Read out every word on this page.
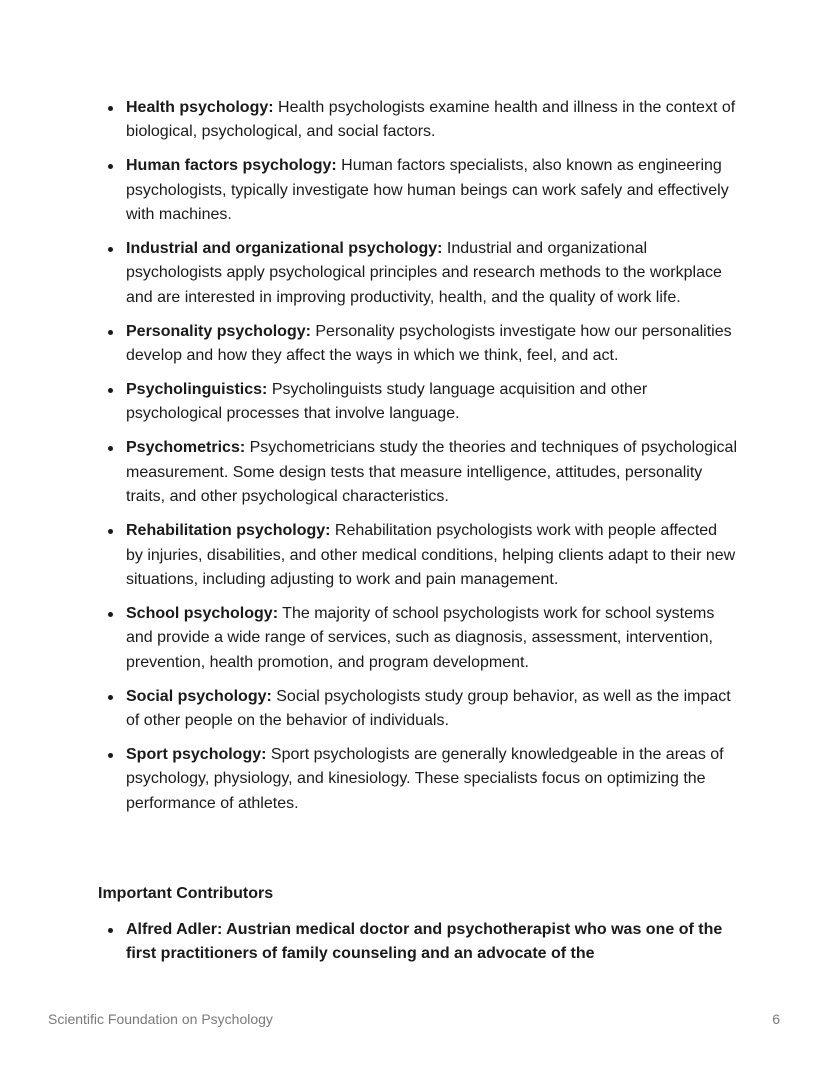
Health psychology: Health psychologists examine health and illness in the context of biological, psychological, and social factors.
Human factors psychology: Human factors specialists, also known as engineering psychologists, typically investigate how human beings can work safely and effectively with machines.
Industrial and organizational psychology: Industrial and organizational psychologists apply psychological principles and research methods to the workplace and are interested in improving productivity, health, and the quality of work life.
Personality psychology: Personality psychologists investigate how our personalities develop and how they affect the ways in which we think, feel, and act.
Psycholinguistics: Psycholinguists study language acquisition and other psychological processes that involve language.
Psychometrics: Psychometricians study the theories and techniques of psychological measurement. Some design tests that measure intelligence, attitudes, personality traits, and other psychological characteristics.
Rehabilitation psychology: Rehabilitation psychologists work with people affected by injuries, disabilities, and other medical conditions, helping clients adapt to their new situations, including adjusting to work and pain management.
School psychology: The majority of school psychologists work for school systems and provide a wide range of services, such as diagnosis, assessment, intervention, prevention, health promotion, and program development.
Social psychology: Social psychologists study group behavior, as well as the impact of other people on the behavior of individuals.
Sport psychology: Sport psychologists are generally knowledgeable in the areas of psychology, physiology, and kinesiology. These specialists focus on optimizing the performance of athletes.
Important Contributors
Alfred Adler: Austrian medical doctor and psychotherapist who was one of the first practitioners of family counseling and an advocate of the
Scientific Foundation on Psychology	6
